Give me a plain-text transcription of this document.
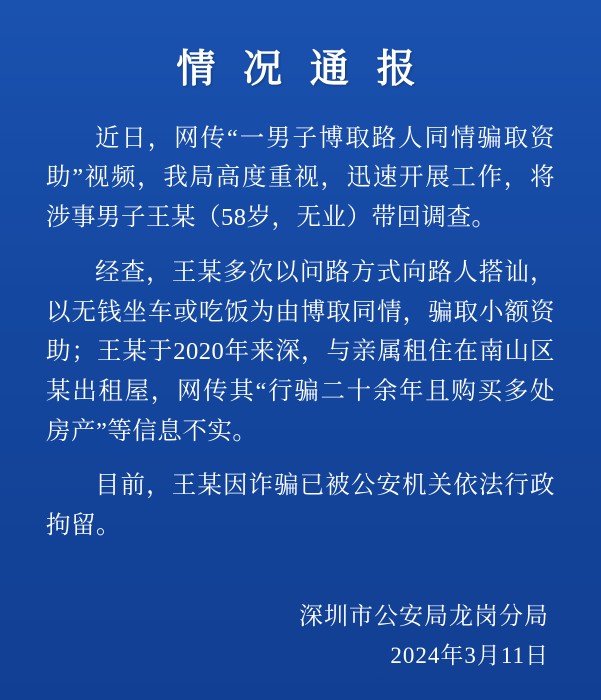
情 况 通 报

近日，网传“一男子博取路人同情骗取资助”视频，我局高度重视，迅速开展工作，将涉事男子王某（58岁，无业）带回调查。

经查，王某多次以问路方式向路人搭讪，以无钱坐车或吃饭为由博取同情，骗取小额资助；王某于2020年来深，与亲属租住在南山区某出租屋，网传其“行骗二十余年且购买多处房产”等信息不实。

目前，王某因诈骗已被公安机关依法行政拘留。

深圳市公安局龙岗分局
2024年3月11日
